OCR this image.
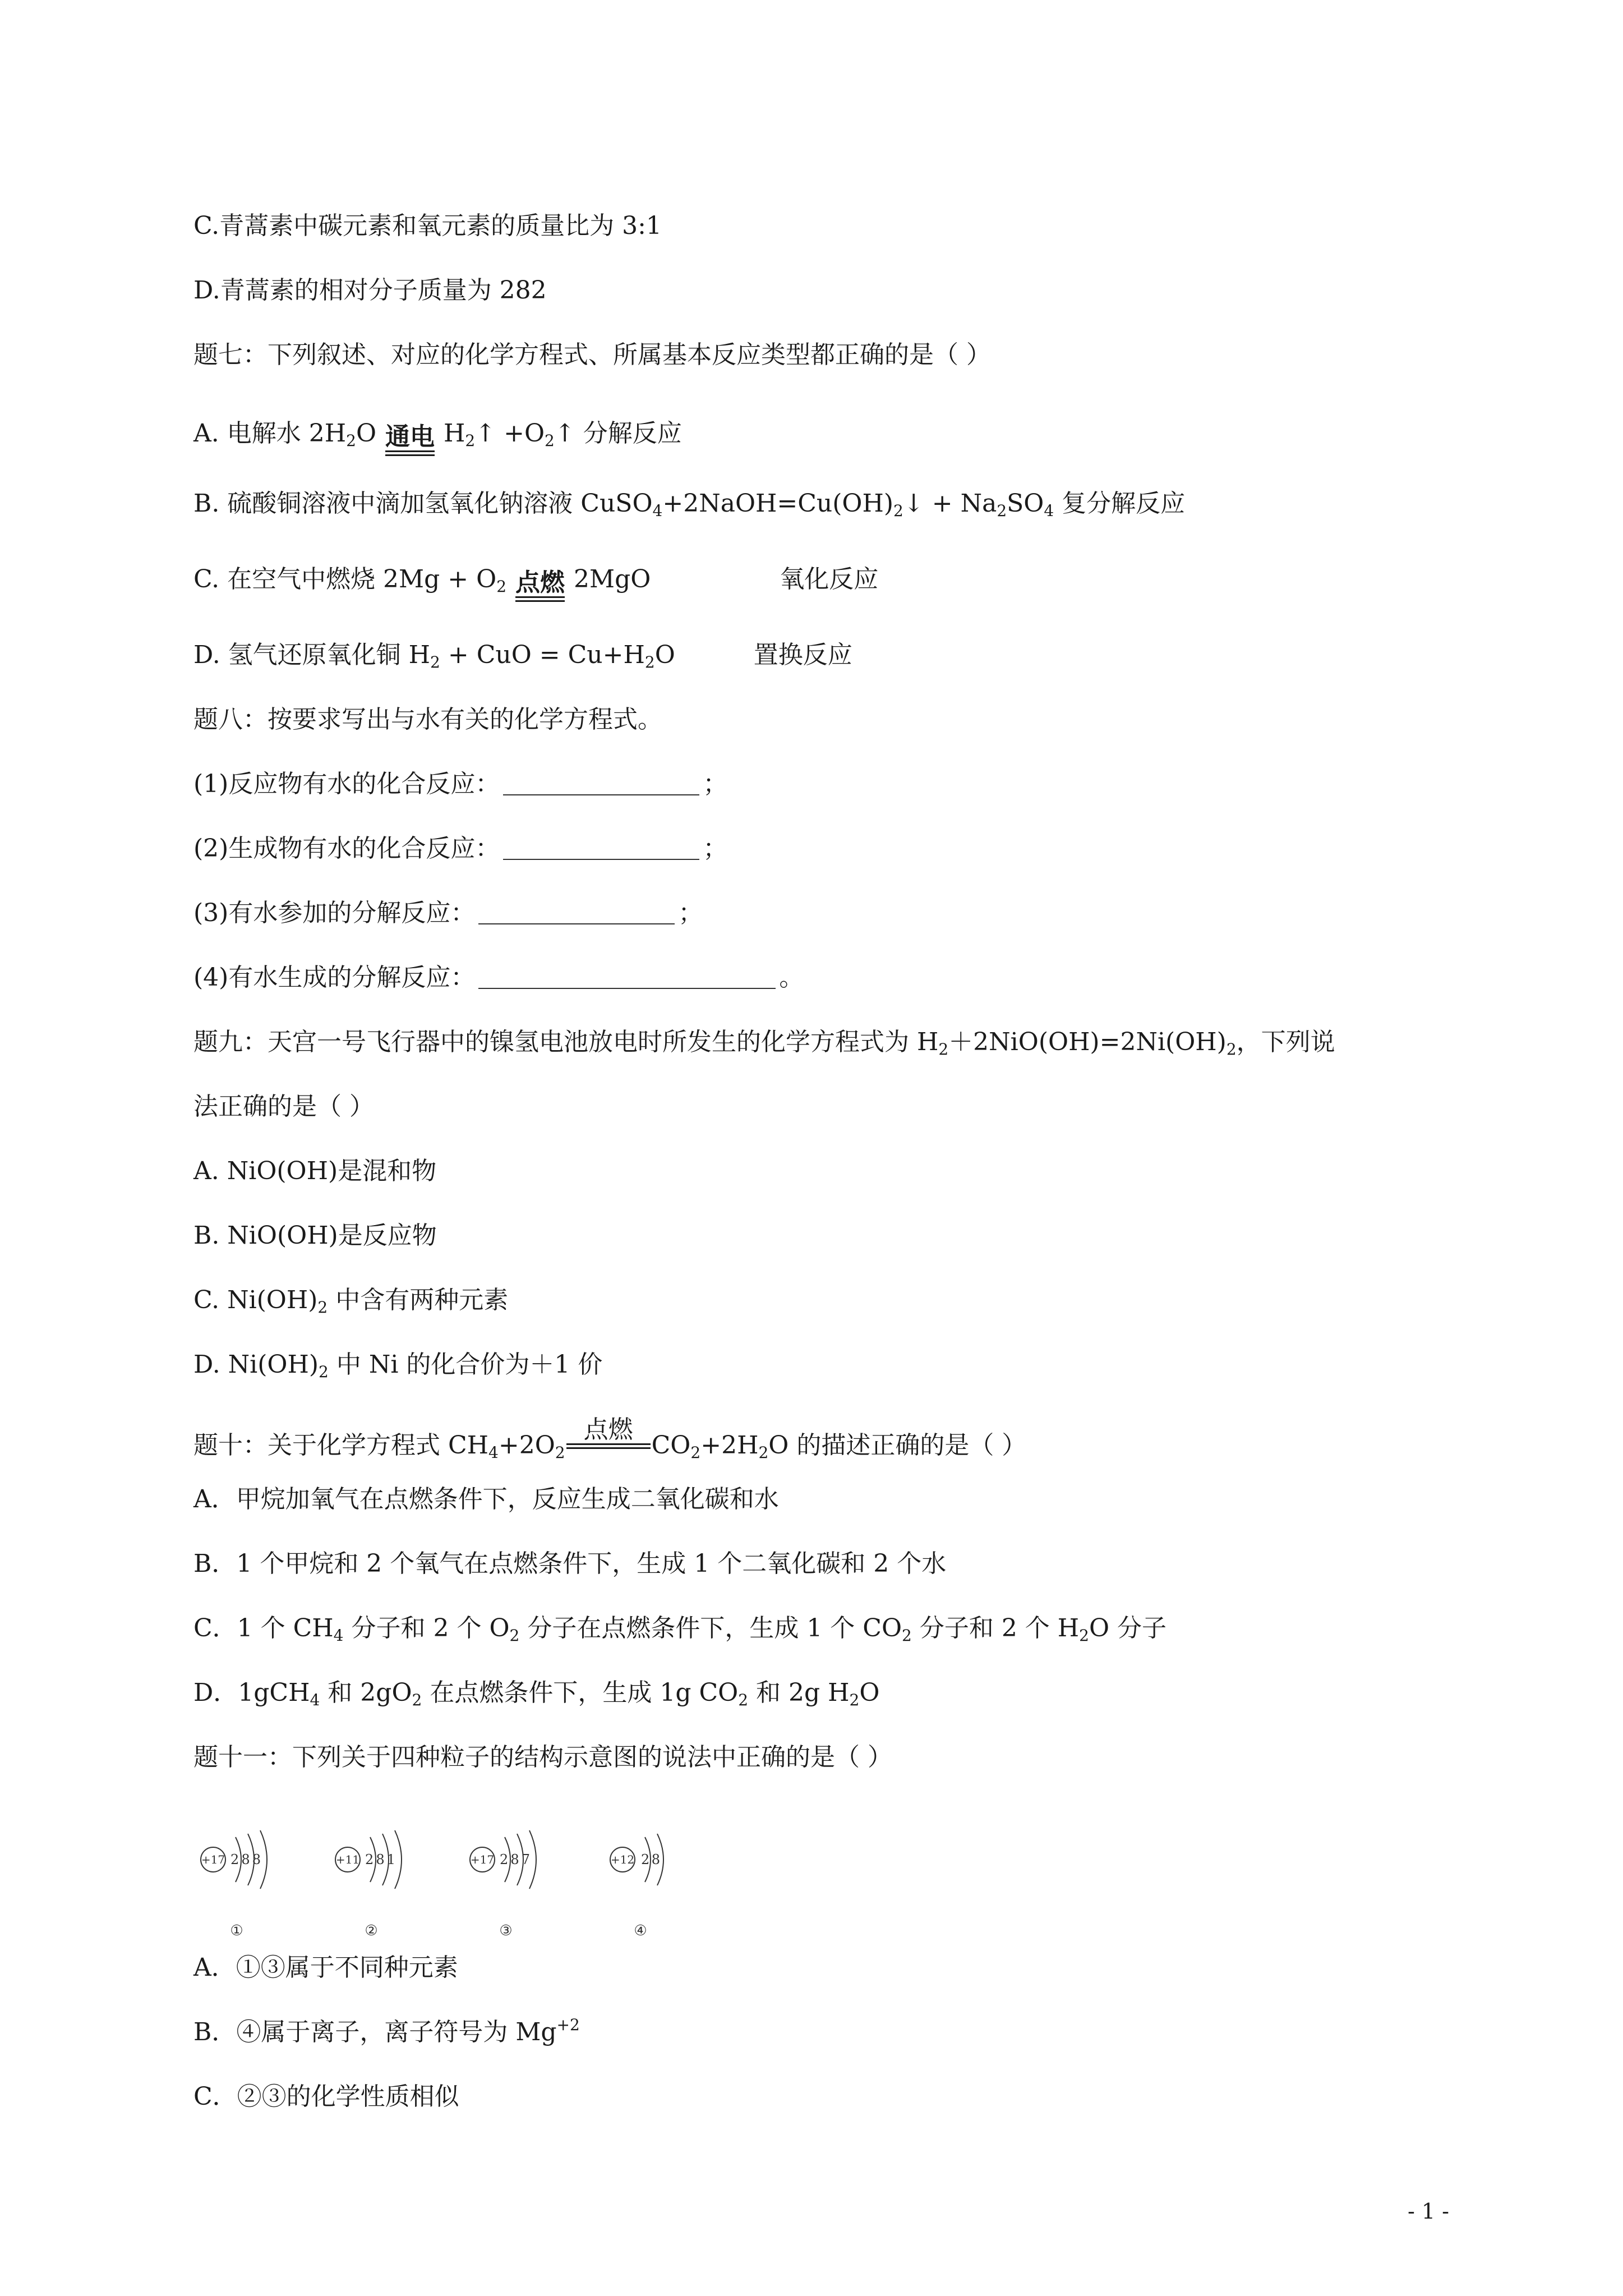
C.青蒿素中碳元素和氧元素的质量比为 3:1
D.青蒿素的相对分子质量为 282
题七：下列叙述、对应的化学方程式、所属基本反应类型都正确的是（ ）
A. 电解水 $2H_2O$ 通电 $H_2↑$ $+O_2↑$ 分解反应
B. 硫酸铜溶液中滴加氢氧化钠溶液 $CuSO_4+2NaOH=Cu(OH)_2↓ + Na_2SO_4$ 复分解反应
C. 在空气中燃烧 $2Mg + O_2$ 点燃 2MgO	氧化反应
D. 氢气还原氧化铜 $H_2$ + CuO = $Cu+H_2O$	置换反应
题八：按要求写出与水有关的化学方程式。
(1)反应物有水的化合反应：	；
(2)生成物有水的化合反应：	；
(3)有水参加的分解反应：	；
(4)有水生成的分解反应：	。
题九：天宫一号飞行器中的镍氢电池放电时所发生的化学方程式为 $H_2+2NiO(OH)=2Ni(OH)_2$，下列说
法正确的是（ ）
A. NiO(OH)是混和物
B. NiO(OH)是反应物
C. $Ni(OH)_2$ 中含有两种元素
D. $Ni(OH)_2$ 中 Ni 的化合价为＋1 价
题十：关于化学方程式 $CH_4+2O_2$
点燃
$CO_2+2H_2O$ 的描述正确的是（ ）
A．甲烷加氧气在点燃条件下，反应生成二氧化碳和水
B．1 个甲烷和 2 个氧气在点燃条件下，生成 1 个二氧化碳和 2 个水
C．1 个 $CH_4$ 分子和 2 个 $O_2$ 分子在点燃条件下，生成 1 个 $CO_2$ 分子和 2 个 $H_2O$ 分子
D．1gCH$_4$ 和 $2gO_2$ 在点燃条件下，生成 1g $CO_2$ 和 2g $H_2O$
题十一：下列关于四种粒子的结构示意图的说法中正确的是（ ）
+17 2 8 8
①
+11 2 8 1
②
+17 2 8 7
③
+12 2 8
④
A．①③属于不同种元素
B．④属于离子，离子符号为 $Mg^{+2}$
C．②③的化学性质相似
- 1 -
